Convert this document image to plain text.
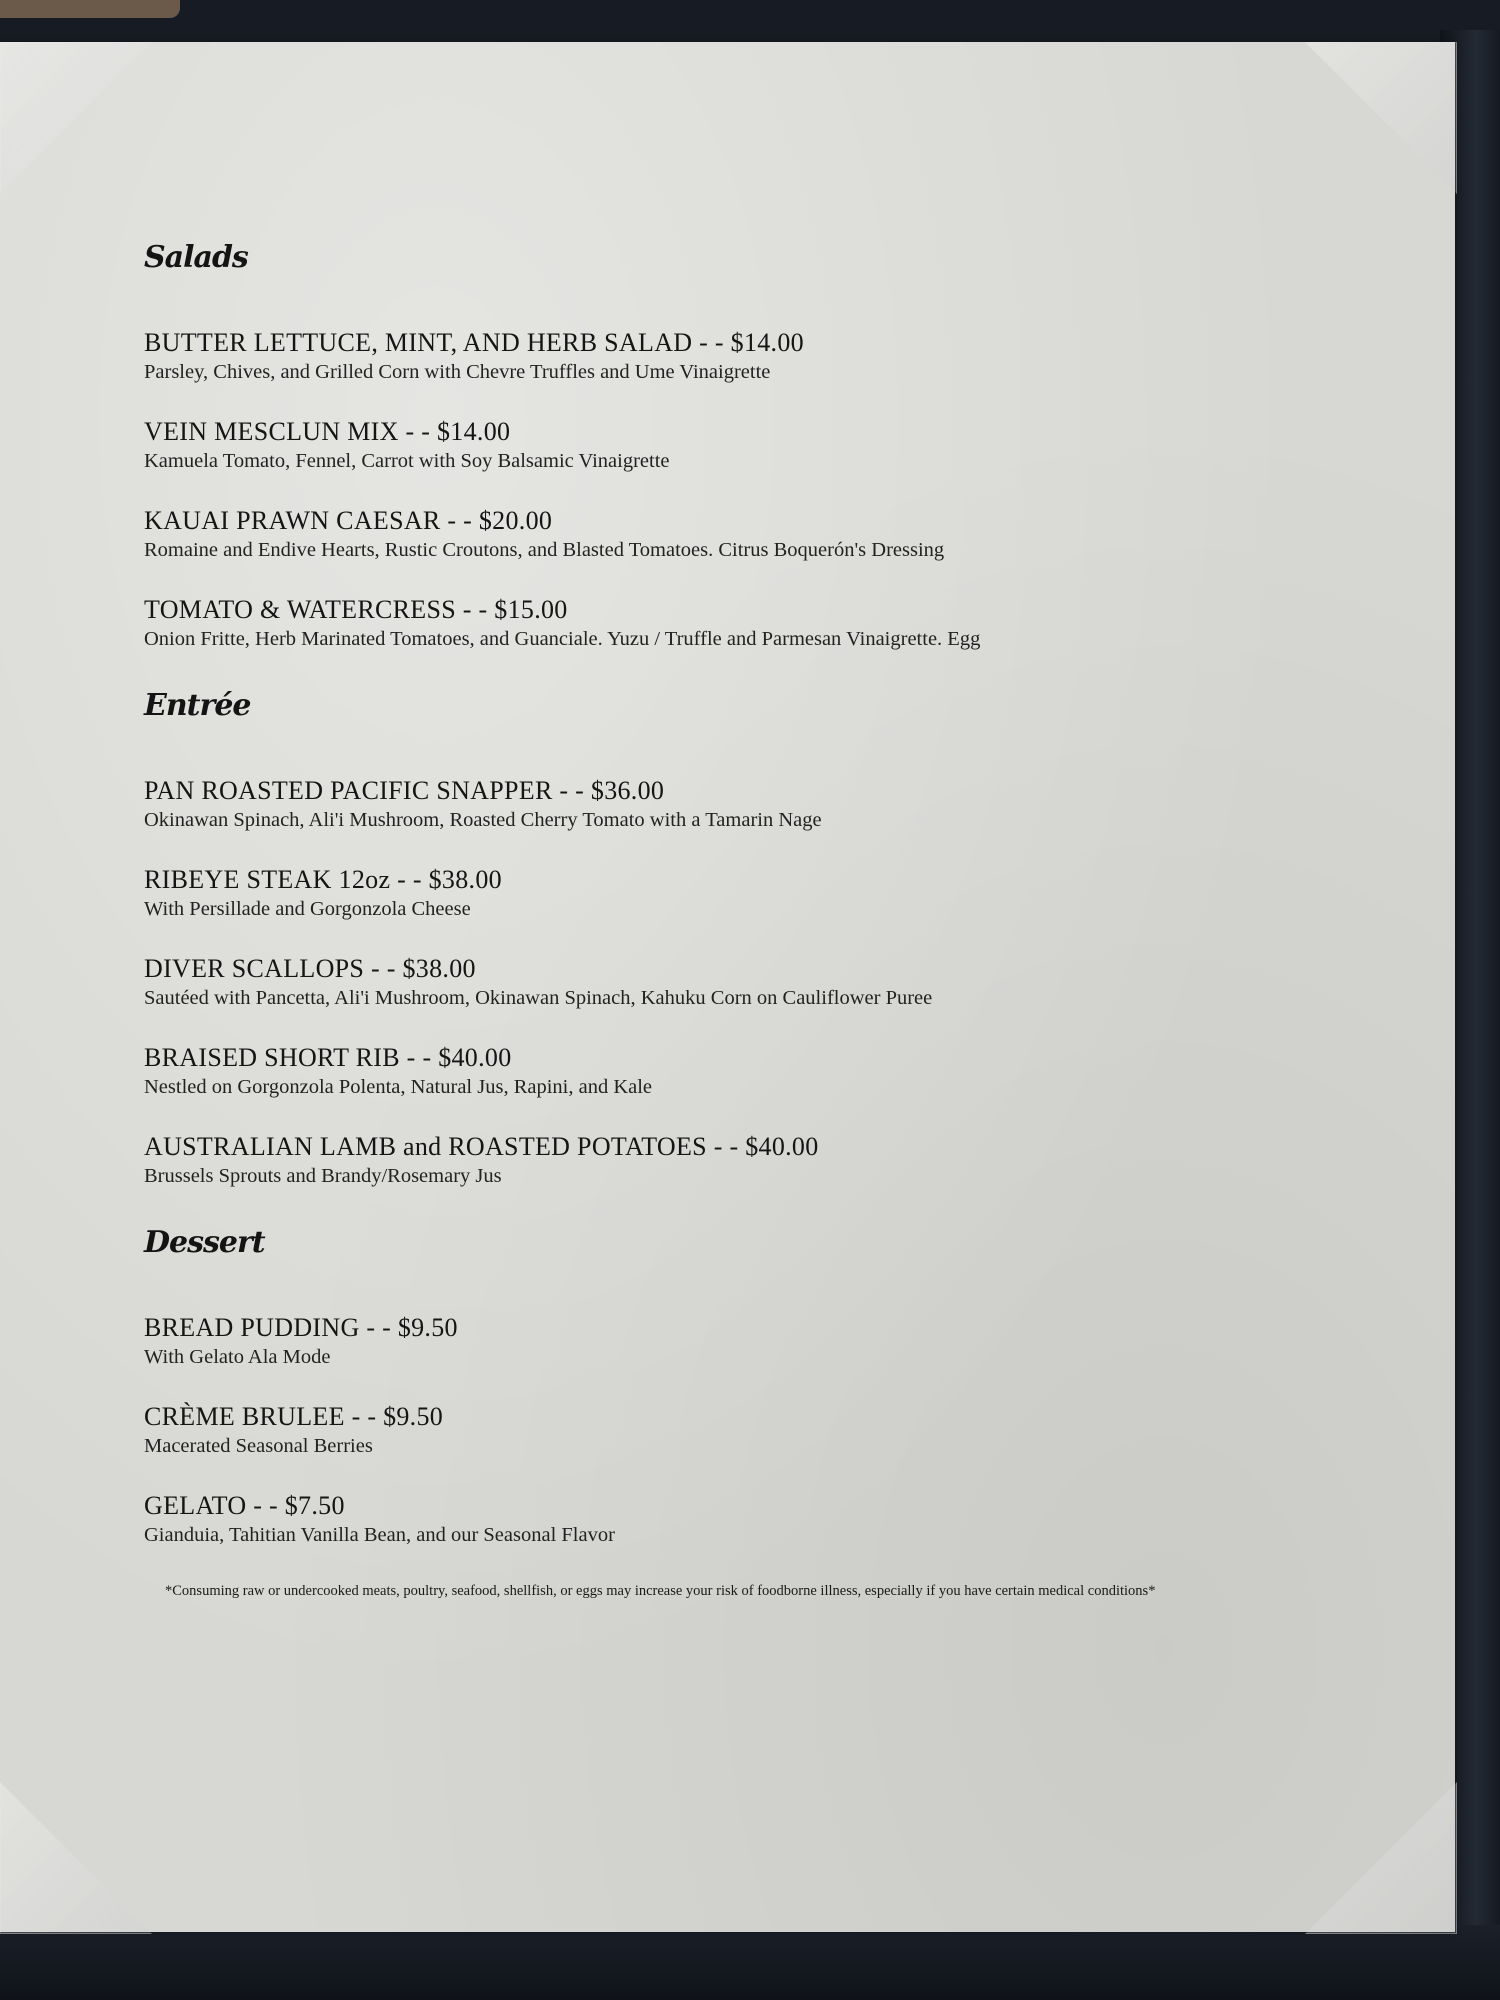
Salads
BUTTER LETTUCE, MINT, AND HERB SALAD - - $14.00
Parsley, Chives, and Grilled Corn with Chevre Truffles and Ume Vinaigrette
VEIN MESCLUN MIX - - $14.00
Kamuela Tomato, Fennel, Carrot with Soy Balsamic Vinaigrette
KAUAI PRAWN CAESAR - - $20.00
Romaine and Endive Hearts, Rustic Croutons, and Blasted Tomatoes. Citrus Boquerón's Dressing
TOMATO & WATERCRESS - - $15.00
Onion Fritte, Herb Marinated Tomatoes, and Guanciale. Yuzu / Truffle and Parmesan Vinaigrette. Egg
Entrée
PAN ROASTED PACIFIC SNAPPER - - $36.00
Okinawan Spinach, Ali'i Mushroom, Roasted Cherry Tomato with a Tamarin Nage
RIBEYE STEAK 12oz - - $38.00
With Persillade and Gorgonzola Cheese
DIVER SCALLOPS - - $38.00
Sautéed with Pancetta, Ali'i Mushroom, Okinawan Spinach, Kahuku Corn on Cauliflower Puree
BRAISED SHORT RIB - - $40.00
Nestled on Gorgonzola Polenta, Natural Jus, Rapini, and Kale
AUSTRALIAN LAMB and ROASTED POTATOES - - $40.00
Brussels Sprouts and Brandy/Rosemary Jus
Dessert
BREAD PUDDING - - $9.50
With Gelato Ala Mode
CRÈME BRULEE - - $9.50
Macerated Seasonal Berries
GELATO - - $7.50
Gianduia, Tahitian Vanilla Bean, and our Seasonal Flavor
*Consuming raw or undercooked meats, poultry, seafood, shellfish, or eggs may increase your risk of foodborne illness, especially if you have certain medical conditions*
